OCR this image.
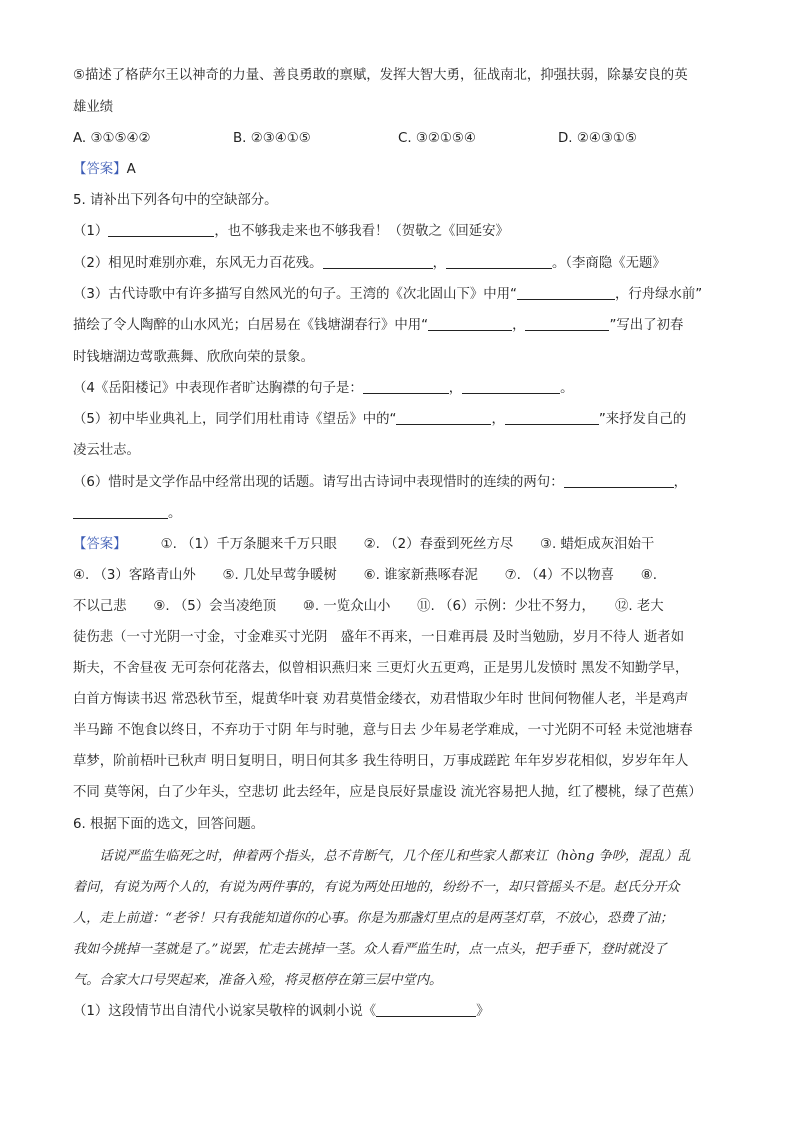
⑤描述了格萨尔王以神奇的力量、善良勇敢的禀赋，发挥大智大勇，征战南北，抑强扶弱，除暴安良的英
雄业绩
A. ③①⑤④②	B. ②③④①⑤	C. ③②①⑤④	D. ②④③①⑤
【答案】A
5. 请补出下列各句中的空缺部分。
（1）	，也不够我走来也不够我看！（贺敬之《回延安》
（2）相见时难别亦难，东风无力百花残。	，	。（李商隐《无题》
（3）古代诗歌中有许多描写自然风光的句子。王湾的《次北固山下》中用“	，行舟绿水前”
描绘了令人陶醉的山水风光；白居易在《钱塘湖春行》中用“	，	”写出了初春
时钱塘湖边莺歌燕舞、欣欣向荣的景象。
（4《岳阳楼记》中表现作者旷达胸襟的句子是：	，	。
（5）初中毕业典礼上，同学们用杜甫诗《望岳》中的“	，	”来抒发自己的
凌云壮志。
（6）惜时是文学作品中经常出现的话题。请写出古诗词中表现惜时的连续的两句：	，
。
【答案】	①. （1）千万条腿来千万只眼　　②. （2）春蚕到死丝方尽　　③. 蜡炬成灰泪始干
④. （3）客路青山外　　⑤. 几处早莺争暖树　　⑥. 谁家新燕啄春泥　　⑦. （4）不以物喜　　⑧.
不以己悲　　⑨. （5）会当凌绝顶　　⑩. 一览众山小　　⑪. （6）示例：少壮不努力，　　⑫. 老大
徒伤悲（一寸光阴一寸金，寸金难买寸光阴　盛年不再来，一日难再晨 及时当勉励，岁月不待人 逝者如
斯夫，不舍昼夜 无可奈何花落去，似曾相识燕归来 三更灯火五更鸡，正是男儿发愤时 黑发不知勤学早，
白首方悔读书迟 常恐秋节至，焜黄华叶衰 劝君莫惜金缕衣，劝君惜取少年时 世间何物催人老，半是鸡声
半马蹄 不饱食以终日，不弃功于寸阴 年与时驰，意与日去 少年易老学难成，一寸光阴不可轻 未觉池塘春
草梦，阶前梧叶已秋声 明日复明日，明日何其多 我生待明日，万事成蹉跎 年年岁岁花相似，岁岁年年人
不同 莫等闲，白了少年头，空悲切 此去经年，应是良辰好景虚设 流光容易把人抛，红了樱桃，绿了芭蕉）
6. 根据下面的选文，回答问题。
　　话说严监生临死之时，伸着两个指头，总不肯断气，几个侄儿和些家人都来讧（hòng 争吵，混乱）乱
着问，有说为两个人的，有说为两件事的，有说为两处田地的，纷纷不一，却只管摇头不是。赵氏分开众
人，走上前道：“老爷！只有我能知道你的心事。你是为那盏灯里点的是两茎灯草，不放心，恐费了油；
我如今挑掉一茎就是了。”说罢，忙走去挑掉一茎。众人看严监生时，点一点头，把手垂下，登时就没了
气。合家大口号哭起来，准备入殓，将灵柩停在第三层中堂内。
（1）这段情节出自清代小说家吴敬梓的讽刺小说《	》
